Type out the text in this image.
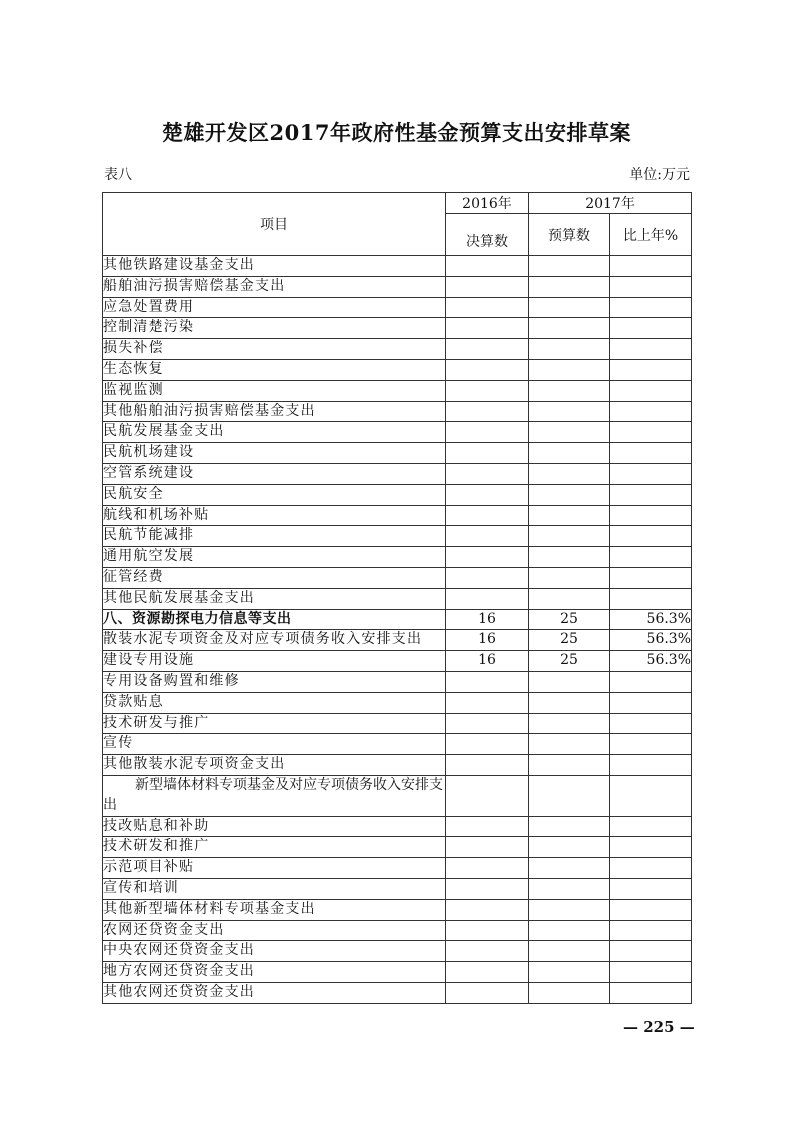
楚雄开发区2017年政府性基金预算支出安排草案
表八	单位:万元
项目	2016年	2017年	
	决算数	预算数	比上年%
其他铁路建设基金支出			
船舶油污损害赔偿基金支出			
应急处置费用			
控制清楚污染			
损失补偿			
生态恢复			
监视监测			
其他船舶油污损害赔偿基金支出			
民航发展基金支出			
民航机场建设			
空管系统建设			
民航安全			
航线和机场补贴			
民航节能减排			
通用航空发展			
征管经费			
其他民航发展基金支出			
八、资源勘探电力信息等支出	16	25	56.3%
散装水泥专项资金及对应专项债务收入安排支出	16	25	56.3%
建设专用设施	16	25	56.3%
专用设备购置和维修			
贷款贴息			
技术研发与推广			
宣传			
其他散装水泥专项资金支出			
新型墙体材料专项基金及对应专项债务收入安排支出			
技改贴息和补助			
技术研发和推广			
示范项目补贴			
宣传和培训			
其他新型墙体材料专项基金支出			
农网还贷资金支出			
中央农网还贷资金支出			
地方农网还贷资金支出			
其他农网还贷资金支出			
— 225 —
